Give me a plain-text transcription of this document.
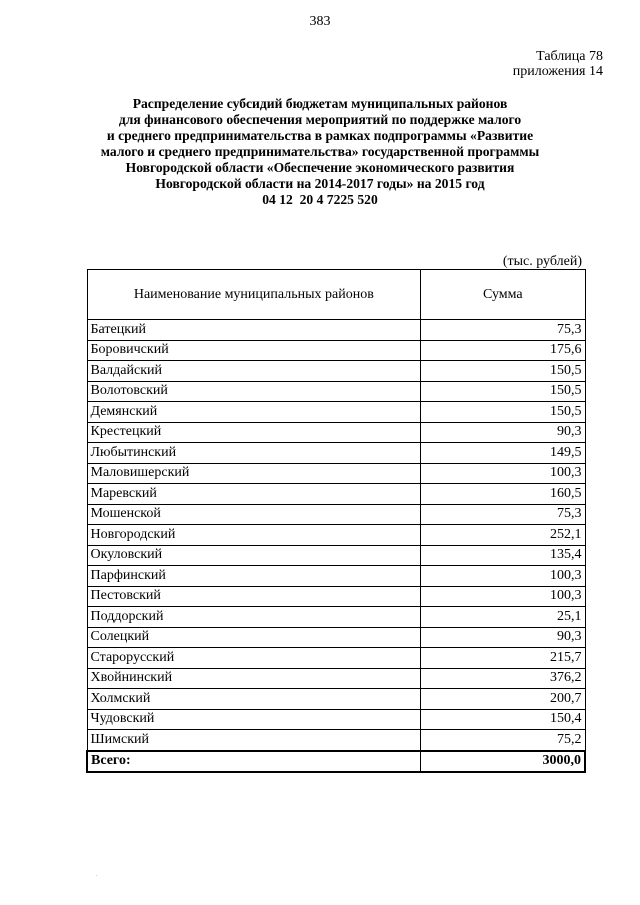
383
Таблица 78
приложения 14
Распределение субсидий бюджетам муниципальных районов
для финансового обеспечения мероприятий по поддержке малого
и среднего предпринимательства в рамках подпрограммы «Развитие
малого и среднего предпринимательства» государственной программы
Новгородской области «Обеспечение экономического развития
Новгородской области на 2014-2017 годы» на 2015 год
04 12  20 4 7225 520
(тыс. рублей)
Наименование муниципальных районов	Сумма
Батецкий	75,3
Боровичский	175,6
Валдайский	150,5
Волотовский	150,5
Демянский	150,5
Крестецкий	90,3
Любытинский	149,5
Маловишерский	100,3
Маревский	160,5
Мошенской	75,3
Новгородский	252,1
Окуловский	135,4
Парфинский	100,3
Пестовский	100,3
Поддорский	25,1
Солецкий	90,3
Старорусский	215,7
Хвойнинский	376,2
Холмский	200,7
Чудовский	150,4
Шимский	75,2
Всего:	3000,0
.
